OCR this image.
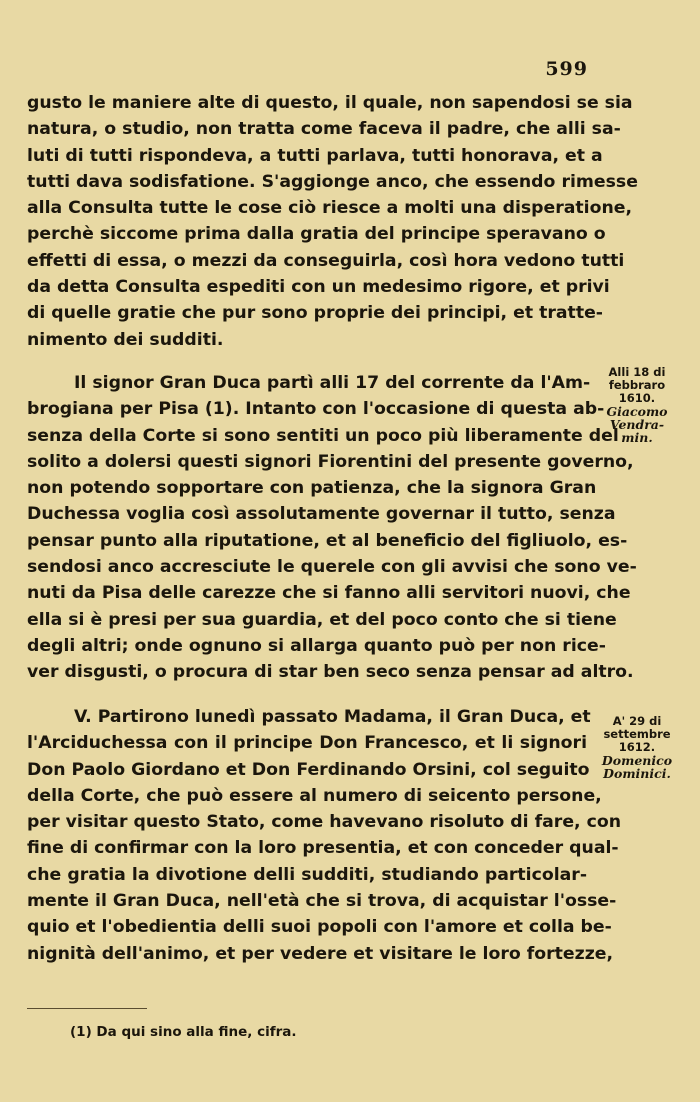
599
gusto le maniere alte di questo, il quale, non sapendosi se sia
natura, o studio, non tratta come faceva il padre, che alli sa-
luti di tutti rispondeva, a tutti parlava, tutti honorava, et a
tutti dava sodisfatione. S'aggionge anco, che essendo rimesse
alla Consulta tutte le cose ciò riesce a molti una disperatione,
perchè siccome prima dalla gratia del principe speravano o
effetti di essa, o mezzi da conseguirla, così hora vedono tutti
da detta Consulta espediti con un medesimo rigore, et privi
di quelle gratie che pur sono proprie dei principi, et tratte-
nimento dei sudditi.
Il signor Gran Duca partì alli 17 del corrente da l'Am-
brogiana per Pisa (1). Intanto con l'occasione di questa ab-
senza della Corte si sono sentiti un poco più liberamente del
solito a dolersi questi signori Fiorentini del presente governo,
non potendo sopportare con patienza, che la signora Gran
Duchessa voglia così assolutamente governar il tutto, senza
pensar punto alla riputatione, et al beneficio del figliuolo, es-
sendosi anco accresciute le querele con gli avvisi che sono ve-
nuti da Pisa delle carezze che si fanno alli servitori nuovi, che
ella si è presi per sua guardia, et del poco conto che si tiene
degli altri; onde ognuno si allarga quanto può per non rice-
ver disgusti, o procura di star ben seco senza pensar ad altro.
V. Partirono lunedì passato Madama, il Gran Duca, et
l'Arciduchessa con il principe Don Francesco, et li signori
Don Paolo Giordano et Don Ferdinando Orsini, col seguito
della Corte, che può essere al numero di seicento persone,
per visitar questo Stato, come havevano risoluto di fare, con
fine di confirmar con la loro presentia, et con conceder qual-
che gratia la divotione delli sudditi, studiando particolar-
mente il Gran Duca, nell'età che si trova, di acquistar l'osse-
quio et l'obedientia delli suoi popoli con l'amore et colla be-
nignità dell'animo, et per vedere et visitare le loro fortezze,
Alli 18 di
febbraro
1610.
Giacomo
Vendra-
min.
A' 29 di
settembre
1612.
Domenico
Dominici.
(1) Da qui sino alla fine, cifra.
